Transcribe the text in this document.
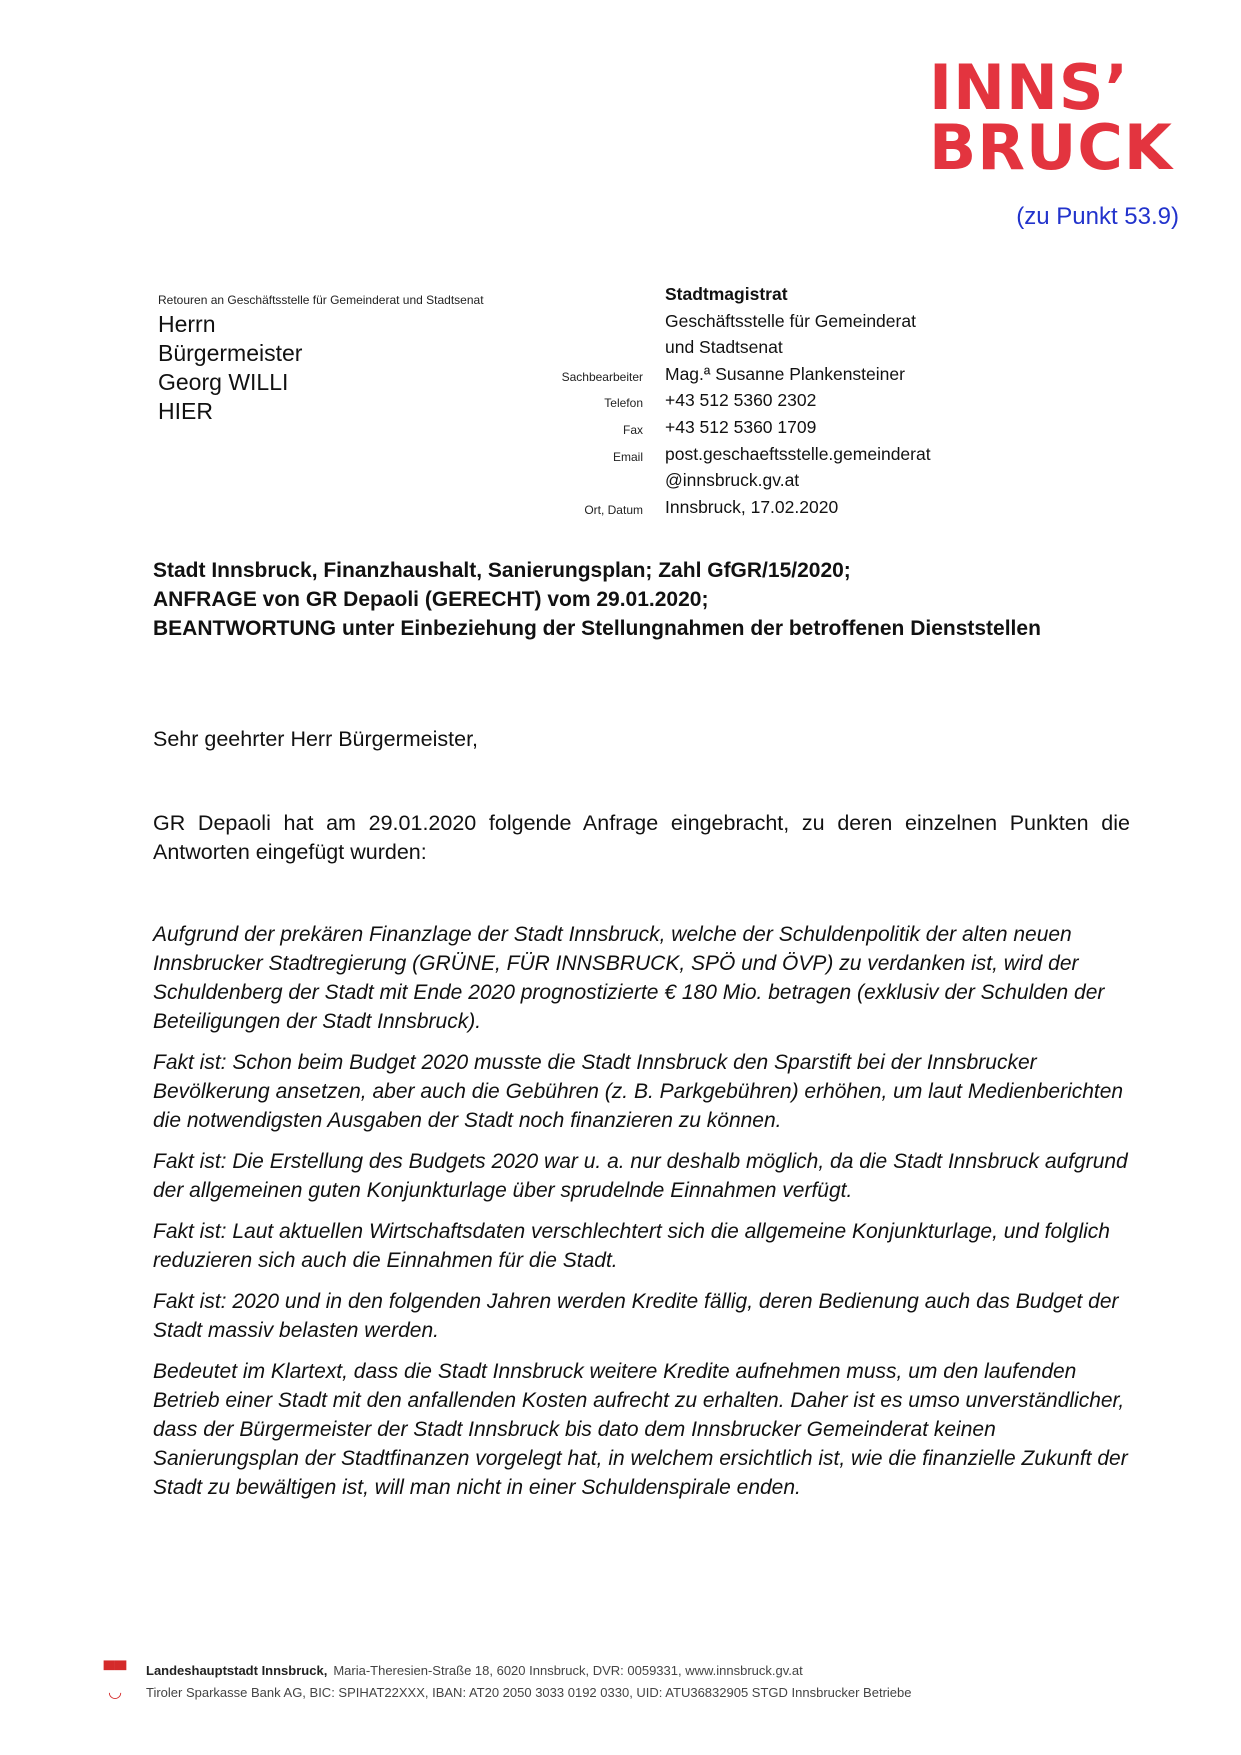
INNS’
BRUCK
(zu Punkt 53.9)
Retouren an Geschäftsstelle für Gemeinderat und Stadtsenat
Herrn
Bürgermeister
Georg WILLI
HIER
Stadtmagistrat
Geschäftsstelle für Gemeinderat
und Stadtsenat
Sachbearbeiter	Mag.ª Susanne Plankensteiner
Telefon	+43 512 5360 2302
Fax	+43 512 5360 1709
Email	post.geschaeftsstelle.gemeinderat
@innsbruck.gv.at
Ort, Datum	Innsbruck, 17.02.2020
Stadt Innsbruck, Finanzhaushalt, Sanierungsplan; Zahl GfGR/15/2020;
ANFRAGE von GR Depaoli (GERECHT) vom 29.01.2020;
BEANTWORTUNG unter Einbeziehung der Stellungnahmen der betroffenen Dienststellen
Sehr geehrter Herr Bürgermeister,
GR Depaoli hat am 29.01.2020 folgende Anfrage eingebracht, zu deren einzelnen Punkten die Antworten eingefügt wurden:

Aufgrund der prekären Finanzlage der Stadt Innsbruck, welche der Schuldenpolitik der alten neuen Innsbrucker Stadtregierung (GRÜNE, FÜR INNSBRUCK, SPÖ und ÖVP) zu verdanken ist, wird der Schuldenberg der Stadt mit Ende 2020 prognostizierte € 180 Mio. betragen (exklusiv der Schulden der Beteiligungen der Stadt Innsbruck).

Fakt ist: Schon beim Budget 2020 musste die Stadt Innsbruck den Sparstift bei der Innsbrucker Bevölkerung ansetzen, aber auch die Gebühren (z. B. Parkgebühren) erhöhen, um laut Medienberichten die notwendigsten Ausgaben der Stadt noch finanzieren zu können.

Fakt ist: Die Erstellung des Budgets 2020 war u. a. nur deshalb möglich, da die Stadt Innsbruck aufgrund der allgemeinen guten Konjunkturlage über sprudelnde Einnahmen verfügt.

Fakt ist: Laut aktuellen Wirtschaftsdaten verschlechtert sich die allgemeine Konjunkturlage, und folglich reduzieren sich auch die Einnahmen für die Stadt.

Fakt ist: 2020 und in den folgenden Jahren werden Kredite fällig, deren Bedienung auch das Budget der Stadt massiv belasten werden.

Bedeutet im Klartext, dass die Stadt Innsbruck weitere Kredite aufnehmen muss, um den laufenden Betrieb einer Stadt mit den anfallenden Kosten aufrecht zu erhalten. Daher ist es umso unverständlicher, dass der Bürgermeister der Stadt Innsbruck bis dato dem Innsbrucker Gemeinderat keinen Sanierungsplan der Stadtfinanzen vorgelegt hat, in welchem ersichtlich ist, wie die finanzielle Zukunft der Stadt zu bewältigen ist, will man nicht in einer Schuldenspirale enden.

▀▀ Landeshauptstadt Innsbruck, Maria-Theresien-Straße 18, 6020 Innsbruck, DVR: 0059331, www.innsbruck.gv.at
◡	Tiroler Sparkasse Bank AG, BIC: SPIHAT22XXX, IBAN: AT20 2050 3033 0192 0330, UID: ATU36832905 STGD Innsbrucker Betriebe
